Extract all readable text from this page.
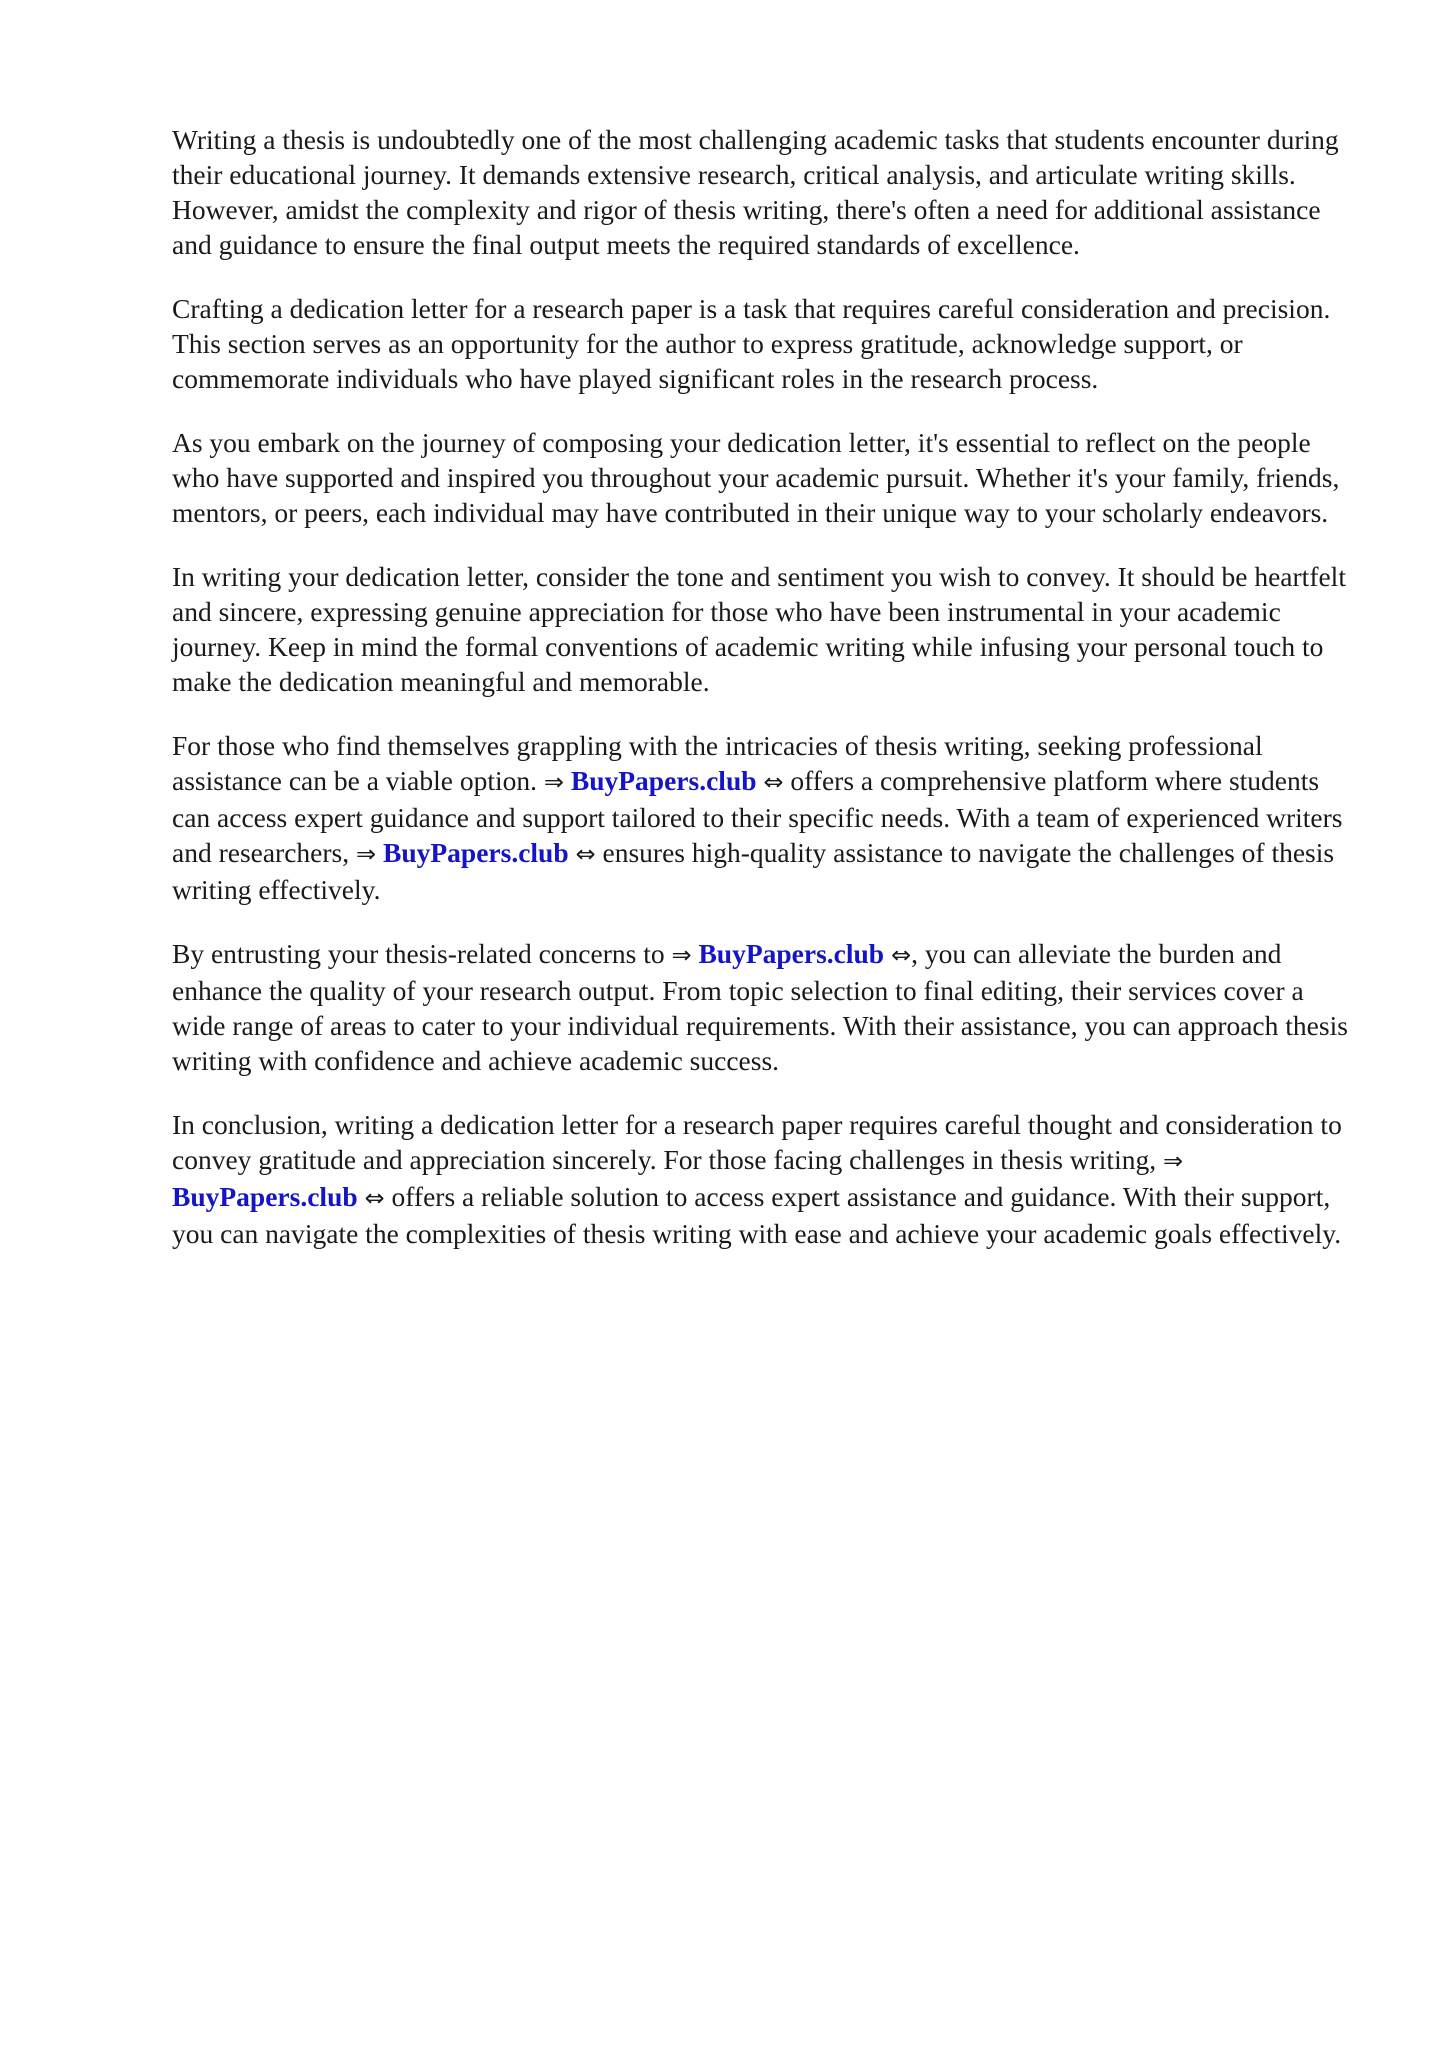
Writing a thesis is undoubtedly one of the most challenging academic tasks that students encounter during their educational journey. It demands extensive research, critical analysis, and articulate writing skills. However, amidst the complexity and rigor of thesis writing, there's often a need for additional assistance and guidance to ensure the final output meets the required standards of excellence.

Crafting a dedication letter for a research paper is a task that requires careful consideration and precision. This section serves as an opportunity for the author to express gratitude, acknowledge support, or commemorate individuals who have played significant roles in the research process.

As you embark on the journey of composing your dedication letter, it's essential to reflect on the people who have supported and inspired you throughout your academic pursuit. Whether it's your family, friends, mentors, or peers, each individual may have contributed in their unique way to your scholarly endeavors.

In writing your dedication letter, consider the tone and sentiment you wish to convey. It should be heartfelt and sincere, expressing genuine appreciation for those who have been instrumental in your academic journey. Keep in mind the formal conventions of academic writing while infusing your personal touch to make the dedication meaningful and memorable.

For those who find themselves grappling with the intricacies of thesis writing, seeking professional assistance can be a viable option. ⇒ BuyPapers.club ⇔ offers a comprehensive platform where students can access expert guidance and support tailored to their specific needs. With a team of experienced writers and researchers, ⇒ BuyPapers.club ⇔ ensures high-quality assistance to navigate the challenges of thesis writing effectively.

By entrusting your thesis-related concerns to ⇒ BuyPapers.club ⇔, you can alleviate the burden and enhance the quality of your research output. From topic selection to final editing, their services cover a wide range of areas to cater to your individual requirements. With their assistance, you can approach thesis writing with confidence and achieve academic success.

In conclusion, writing a dedication letter for a research paper requires careful thought and consideration to convey gratitude and appreciation sincerely. For those facing challenges in thesis writing, ⇒ BuyPapers.club ⇔ offers a reliable solution to access expert assistance and guidance. With their support, you can navigate the complexities of thesis writing with ease and achieve your academic goals effectively.
